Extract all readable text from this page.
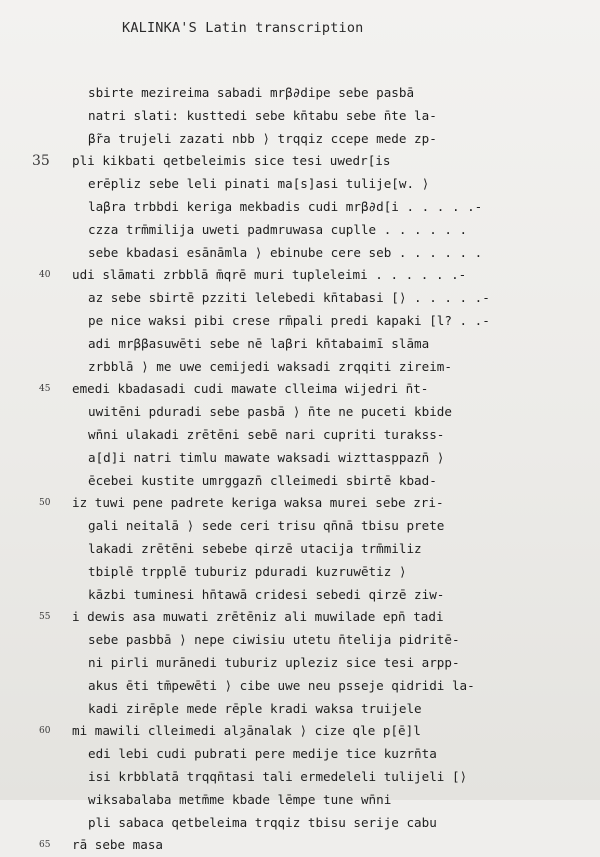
KALINKA'S Latin transcription
sbirte mezireima sabadi mrβ∂dipe sebe pasbā
natri slati: kusttedi sebe kn̄tabu sebe n̄te la-
β̃ra trujeli zazati nbb ⟩ trqqiz ccepe mede zp-
35 pli kikbati qetbeleimis sice tesi uwedr[is
erēpliz sebe leli pinati ma[s]asi tulije[w. ⟩
laβra trbbdi keriga mekbadis cudi mrβ∂d[i . . . . .-
czza trm̄milija uweti padmruwasa cuplle . . . . . .
sebe kbadasi esānāmla ⟩ ebinube cere seb . . . . . .
40 udi slāmati zrbblā m̄qrē muri tupleleimi . . . . . .-
az sebe sbirtē pzziti lelebedi kn̄tabasi [⟩ . . . . .-
pe nice waksi pibi crese rm̄pali predi kapaki [l? . .-
adi mrββasuwēti sebe nē laβri kn̄tabaimī slāma
zrbblā ⟩ me uwe cemijedi waksadi zrqqiti zireim-
45 emedi kbadasadi cudi mawate clleima wijedri n̄t-
uwitēni pduradi sebe pasbā ⟩ n̄te ne puceti kbide
wn̄ni ulakadi zrētēni sebē nari cupriti turakss-
a[d]i natri timlu mawate waksadi wizttasppazn̄ ⟩
ēcebei kustite umrggazn̄ clleimedi sbirtē kbad-
50 iz tuwi pene padrete keriga waksa murei sebe zri-
gali neitalā ⟩ sede ceri trisu qn̄nā tbisu prete
lakadi zrētēni sebebe qirzē utacija trm̄miliz
tbiplē trpplē tuburiz pduradi kuzruwētiz ⟩
kāzbi tuminesi hn̄tawā cridesi sebedi qirzē ziw-
55 i dewis asa muwati zrētēniz ali muwilade epn̄ tadi
sebe pasbbā ⟩ nepe ciwisiu utetu n̄telija pidritē-
ni pirli murānedi tuburiz upleziz sice tesi arpp-
akus ēti tm̄pewēti ⟩ cibe uwe neu psseje qidridi la-
kadi zirēple mede rēple kradi waksa truijele
60 mi mawili clleimedi alȝānalak ⟩ cize qle p[ē]l
edi lebi cudi pubrati pere medije tice kuzrn̄ta
isi krbblatā trqqn̄tasi tali ermedeleli tulijeli [⟩
wiksabalaba metm̄me kbade lēmpe tune wn̄ni
pli sabaca qetbeleima trqqiz tbisu serije cabu
65 rā sebe masa
